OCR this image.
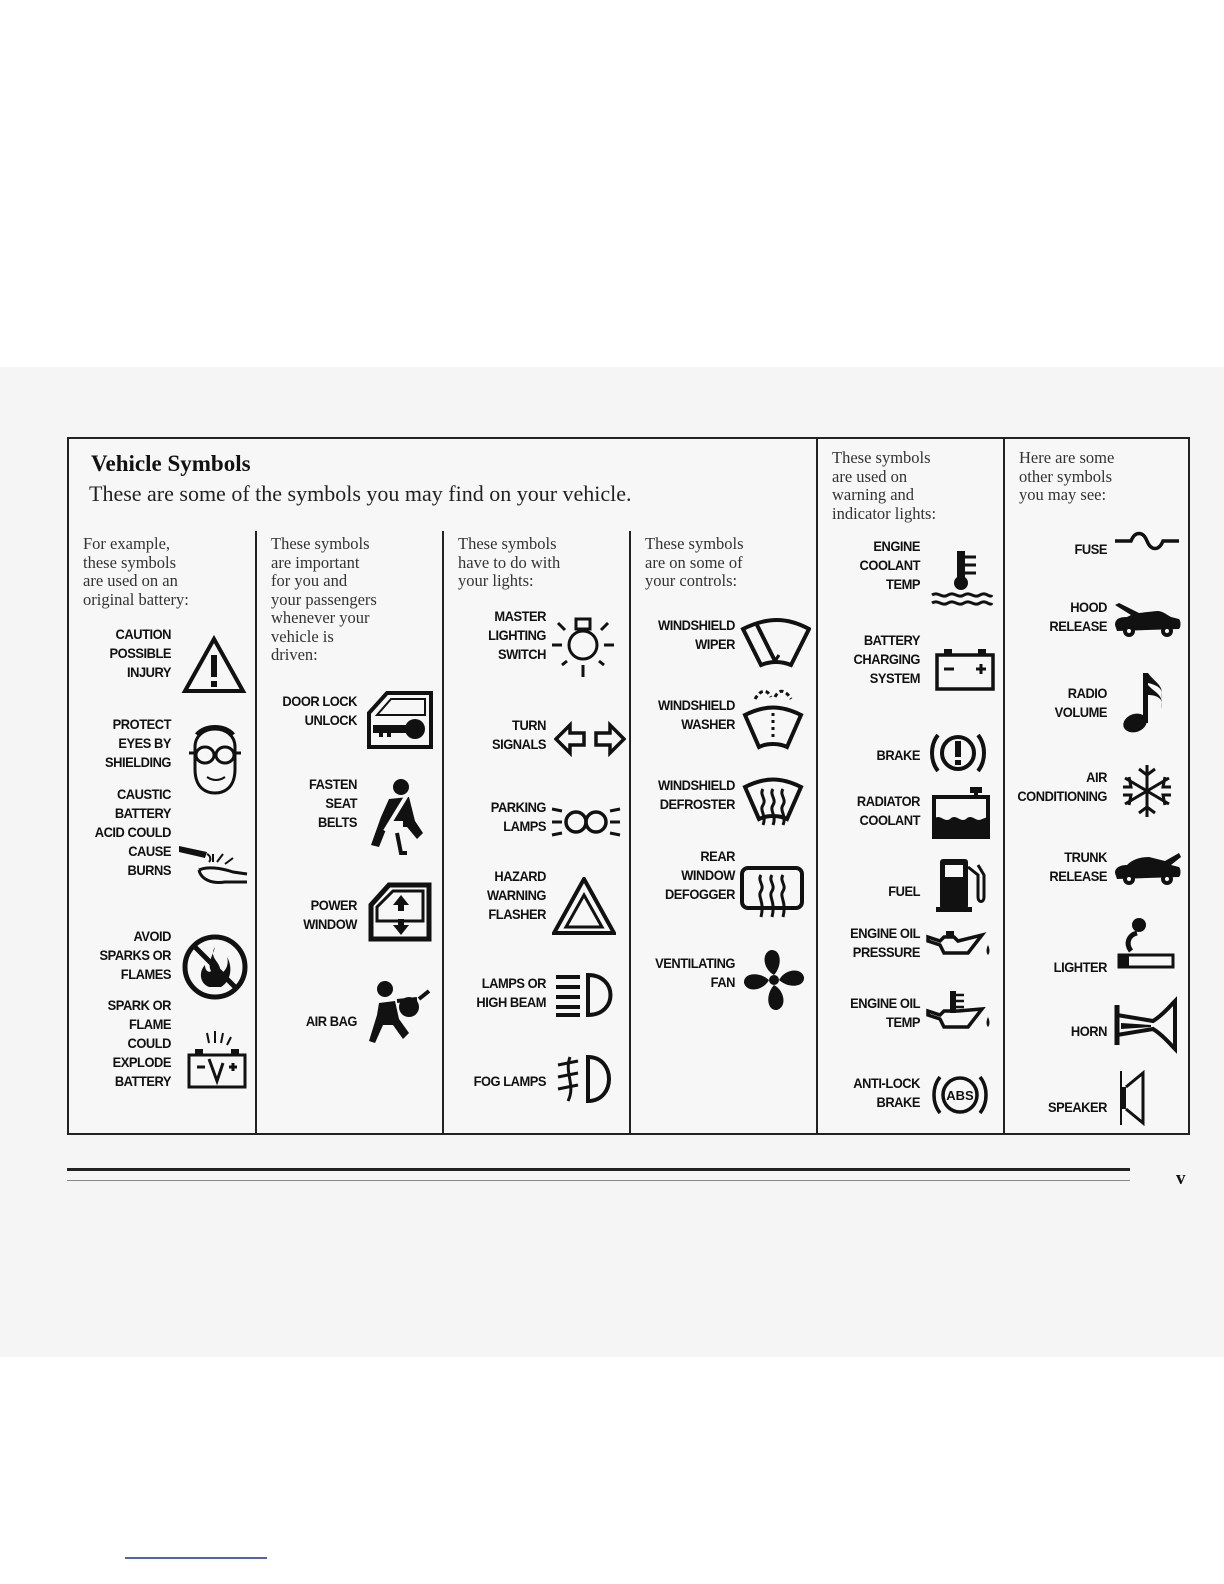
Vehicle Symbols
These are some of the symbols you may find on your vehicle.
For example,
these symbols
are used on an
original battery:
CAUTION
POSSIBLE
INJURY
PROTECT
EYES BY
SHIELDING
CAUSTIC
BATTERY
ACID COULD
CAUSE
BURNS
AVOID
SPARKS OR
FLAMES
SPARK OR
FLAME
COULD
EXPLODE
BATTERY
These symbols
are important
for you and
your passengers
whenever your
vehicle is
driven:
DOOR LOCK
UNLOCK
FASTEN
SEAT
BELTS
POWER
WINDOW
AIR BAG
These symbols
have to do with
your lights:
MASTER
LIGHTING
SWITCH
TURN
SIGNALS
PARKING
LAMPS
HAZARD
WARNING
FLASHER
LAMPS OR
HIGH BEAM
FOG LAMPS
These symbols
are on some of
your controls:
WINDSHIELD
WIPER
WINDSHIELD
WASHER
WINDSHIELD
DEFROSTER
REAR
WINDOW
DEFOGGER
VENTILATING
FAN
These symbols
are used on
warning and
indicator lights:
ENGINE
COOLANT
TEMP
BATTERY
CHARGING
SYSTEM
BRAKE
RADIATOR
COOLANT
FUEL
ENGINE OIL
PRESSURE
ENGINE OIL
TEMP
ANTI-LOCK
BRAKE ABS
Here are some
other symbols
you may see:
FUSE
HOOD
RELEASE
RADIO
VOLUME
AIR
CONDITIONING
TRUNK
RELEASE
LIGHTER
HORN
SPEAKER
v
